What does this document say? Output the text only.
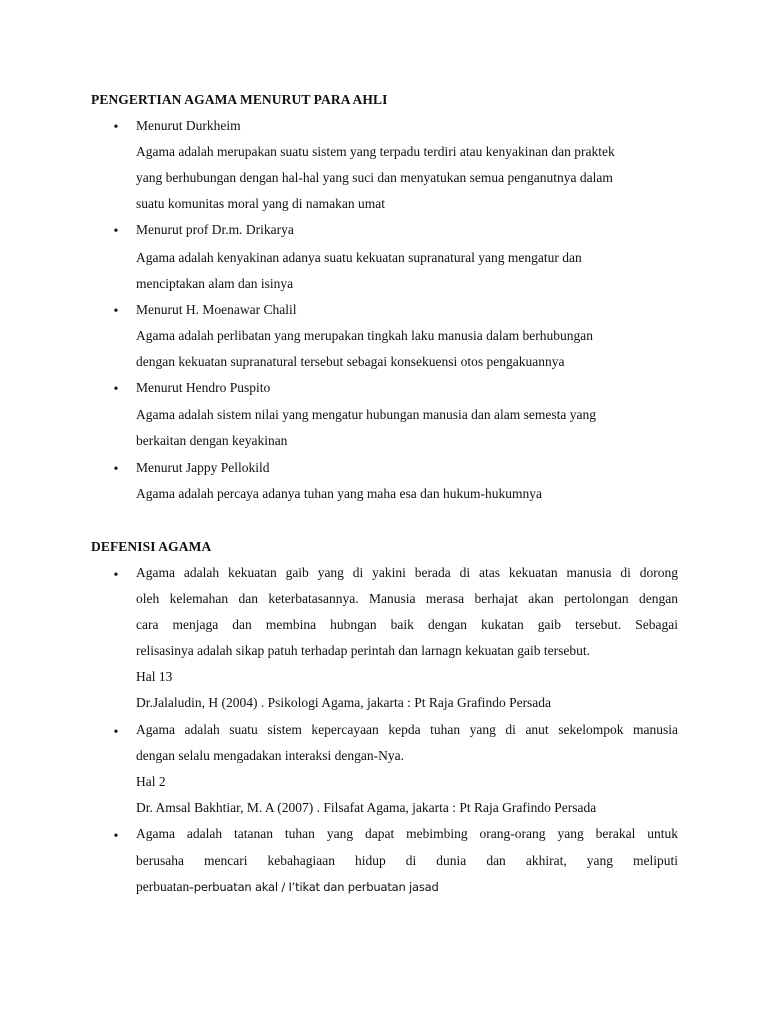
PENGERTIAN AGAMA MENURUT PARA AHLI
• Menurut Durkheim
Agama adalah merupakan suatu sistem yang terpadu terdiri atau kenyakinan dan praktek
yang berhubungan dengan hal-hal yang suci dan menyatukan semua penganutnya dalam
suatu komunitas moral yang di namakan umat
• Menurut prof Dr.m. Drikarya
Agama adalah kenyakinan adanya suatu kekuatan supranatural yang mengatur dan
menciptakan alam dan isinya
• Menurut H. Moenawar Chalil
Agama adalah perlibatan yang merupakan tingkah laku manusia dalam berhubungan
dengan kekuatan supranatural tersebut sebagai konsekuensi otos pengakuannya
• Menurut Hendro Puspito
Agama adalah sistem nilai yang mengatur hubungan manusia dan alam semesta yang
berkaitan dengan keyakinan
• Menurut Jappy Pellokild
Agama adalah percaya adanya tuhan yang maha esa dan hukum-hukumnya
DEFENISI AGAMA
• Agama adalah kekuatan gaib yang di yakini berada di atas kekuatan manusia di dorong
oleh kelemahan dan keterbatasannya. Manusia merasa berhajat akan pertolongan dengan
cara menjaga dan membina hubngan baik dengan kukatan gaib tersebut. Sebagai
relisasinya adalah sikap patuh terhadap perintah dan larnagn kekuatan gaib tersebut.
Hal 13
Dr.Jalaludin, H (2004) . Psikologi Agama, jakarta : Pt Raja Grafindo Persada
• Agama adalah suatu sistem kepercayaan kepda tuhan yang di anut sekelompok manusia
dengan selalu mengadakan interaksi dengan-Nya.
Hal 2
Dr. Amsal Bakhtiar, M. A (2007) . Filsafat Agama, jakarta : Pt Raja Grafindo Persada
• Agama adalah tatanan tuhan yang dapat mebimbing orang-orang yang berakal untuk
berusaha mencari kebahagiaan hidup di dunia dan akhirat, yang meliputi
perbuatan-perbuatan akal / I’tikat dan perbuatan jasad
